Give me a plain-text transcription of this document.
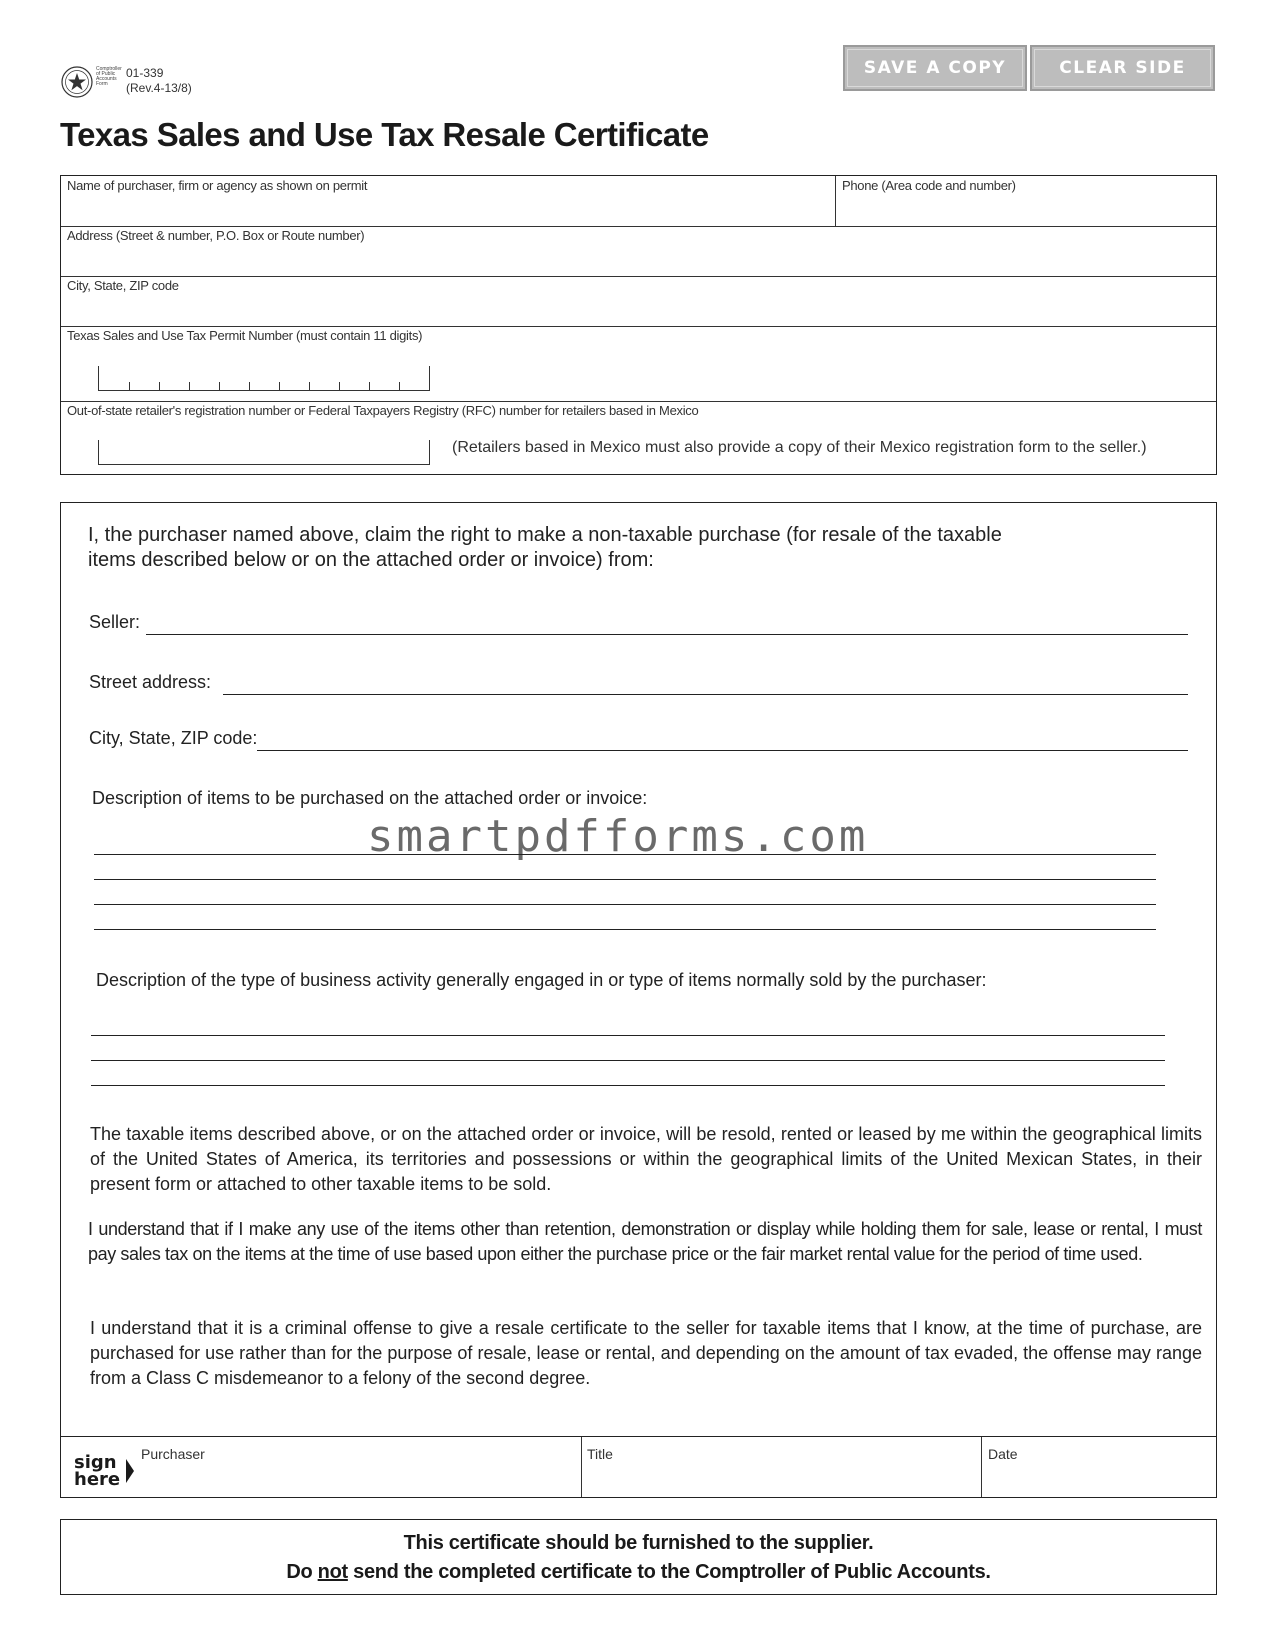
Comptroller of Public Accounts Form
01-339
(Rev.4-13/8)
SAVE A COPY	CLEAR SIDE
Texas Sales and Use Tax Resale Certificate
Name of purchaser, firm or agency as shown on permit	Phone (Area code and number)
Address (Street & number, P.O. Box or Route number)
City, State, ZIP code
Texas Sales and Use Tax Permit Number (must contain 11 digits)
Out-of-state retailer's registration number or Federal Taxpayers Registry (RFC) number for retailers based in Mexico
(Retailers based in Mexico must also provide a copy of their Mexico registration form to the seller.)
I, the purchaser named above, claim the right to make a non-taxable purchase (for resale of the taxable items described below or on the attached order or invoice) from:
Seller:
Street address:
City, State, ZIP code:
Description of items to be purchased on the attached order or invoice:
smartpdfforms.com
Description of the type of business activity generally engaged in or type of items normally sold by the purchaser:
The taxable items described above, or on the attached order or invoice, will be resold, rented or leased by me within the geographical limits of the United States of America, its territories and possessions or within the geographical limits of the United Mexican States, in their present form or attached to other taxable items to be sold.
I understand that if I make any use of the items other than retention, demonstration or display while holding them for sale, lease or rental, I must pay sales tax on the items at the time of use based upon either the purchase price or the fair market rental value for the period of time used.
I understand that it is a criminal offense to give a resale certificate to the seller for taxable items that I know, at the time of purchase, are purchased for use rather than for the purpose of resale, lease or rental, and depending on the amount of tax evaded, the offense may range from a Class C misdemeanor to a felony of the second degree.
sign
here
Purchaser	Title	Date
This certificate should be furnished to the supplier.
Do not send the completed certificate to the Comptroller of Public Accounts.
